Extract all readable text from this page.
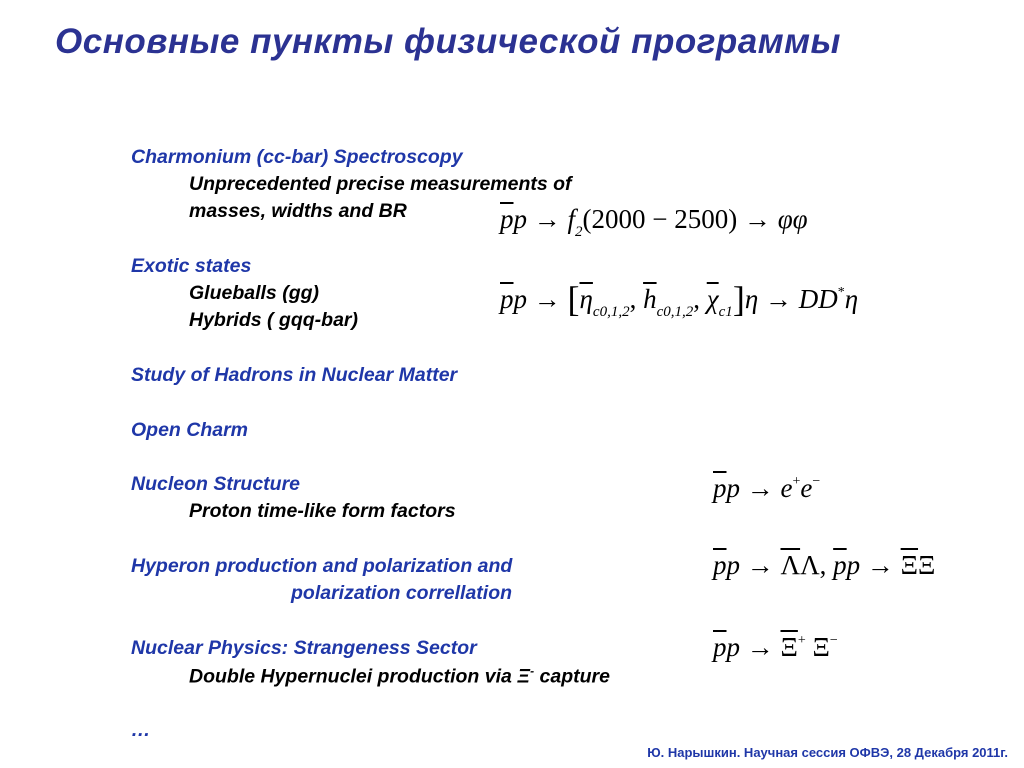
Основные пункты физической программы
Charmonium (cc-bar) Spectroscopy
Unprecedented precise measurements of
masses, widths and BR
Exotic states
Glueballs (gg)
Hybrids ( gqq-bar)
Study of Hadrons in Nuclear Matter
Open Charm
Nucleon Structure
Proton time-like form factors
Hyperon production and polarization and
polarization correllation
Nuclear Physics: Strangeness Sector
Double Hypernuclei production via Ξ- capture
…
$\overline{p}p \to f_2(2000 - 2500) \to \varphi\varphi$
$\overline{p}p \to [\overline{\eta}_{c0,1,2}$, $\overline{h}_{c0,1,2}$, $\overline{\chi}_{c1}]\eta \to DD^*\eta$
$\overline{p}p \to e^+e^-$
$\overline{p}p \to \overline{\Lambda}\Lambda$, $\overline{p}p \to \overline{\Xi}\Xi$
$\overline{p}p \to \overline{\Xi}^+$ Ξ−
Ю. Нарышкин. Научная сессия ОФВЭ, 28 Декабря 2011г.
